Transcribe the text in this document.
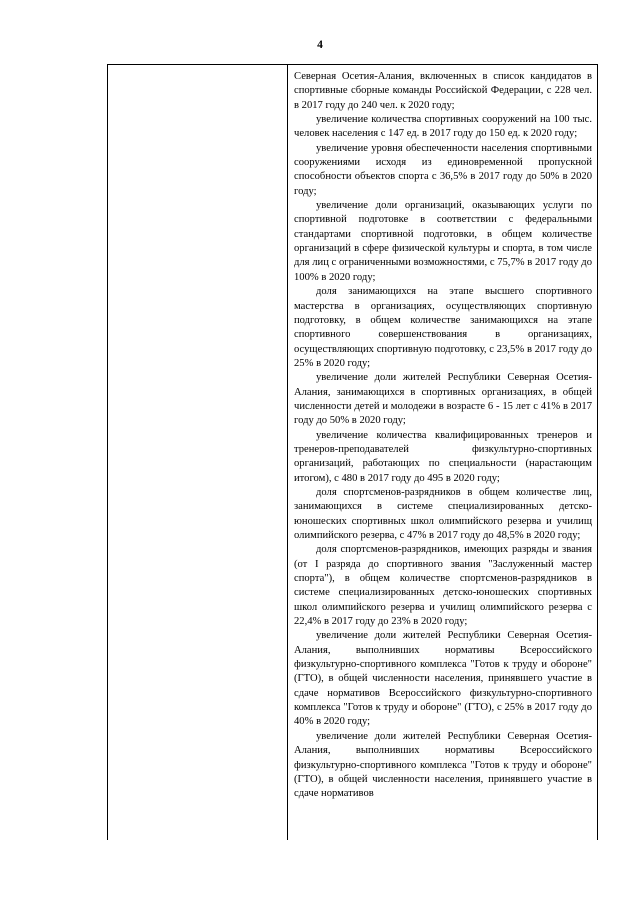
4

Северная Осетия-Алания, включенных в список кандидатов в спортивные сборные команды Российской Федерации, с 228 чел. в 2017 году до 240 чел. к 2020 году;

увеличение количества спортивных сооружений на 100 тыс. человек населения с 147 ед. в 2017 году до 150 ед. к 2020 году;

увеличение уровня обеспеченности населения спортивными сооружениями исходя из единовременной пропускной способности объектов спорта с 36,5% в 2017 году до 50% в 2020 году;

увеличение доли организаций, оказывающих услуги по спортивной подготовке в соответствии с федеральными стандартами спортивной подготовки, в общем количестве организаций в сфере физической культуры и спорта, в том числе для лиц с ограниченными возможностями, с 75,7% в 2017 году до 100% в 2020 году;

доля занимающихся на этапе высшего спортивного мастерства в организациях, осуществляющих спортивную подготовку, в общем количестве занимающихся на этапе спортивного совершенствования в организациях, осуществляющих спортивную подготовку, с 23,5% в 2017 году до 25% в 2020 году;

увеличение доли жителей Республики Северная Осетия-Алания, занимающихся в спортивных организациях, в общей численности детей и молодежи в возрасте 6 - 15 лет с 41% в 2017 году до 50% в 2020 году;

увеличение количества квалифицированных тренеров и тренеров-преподавателей физкультурно-спортивных организаций, работающих по специальности (нарастающим итогом), с 480 в 2017 году до 495 в 2020 году;

доля спортсменов-разрядников в общем количестве лиц, занимающихся в системе специализированных детско-юношеских спортивных школ олимпийского резерва и училищ олимпийского резерва, с 47% в 2017 году до 48,5% в 2020 году;

доля спортсменов-разрядников, имеющих разряды и звания (от I разряда до спортивного звания "Заслуженный мастер спорта"), в общем количестве спортсменов-разрядников в системе специализированных детско-юношеских спортивных школ олимпийского резерва и училищ олимпийского резерва с 22,4% в 2017 году до 23% в 2020 году;

увеличение доли жителей Республики Северная Осетия-Алания, выполнивших нормативы Всероссийского физкультурно-спортивного комплекса "Готов к труду и обороне" (ГТО), в общей численности населения, принявшего участие в сдаче нормативов Всероссийского физкультурно-спортивного комплекса "Готов к труду и обороне" (ГТО), с 25% в 2017 году до 40% в 2020 году;

увеличение доли жителей Республики Северная Осетия-Алания, выполнивших нормативы Всероссийского физкультурно-спортивного комплекса "Готов к труду и обороне" (ГТО), в общей численности населения, принявшего участие в сдаче нормативов
